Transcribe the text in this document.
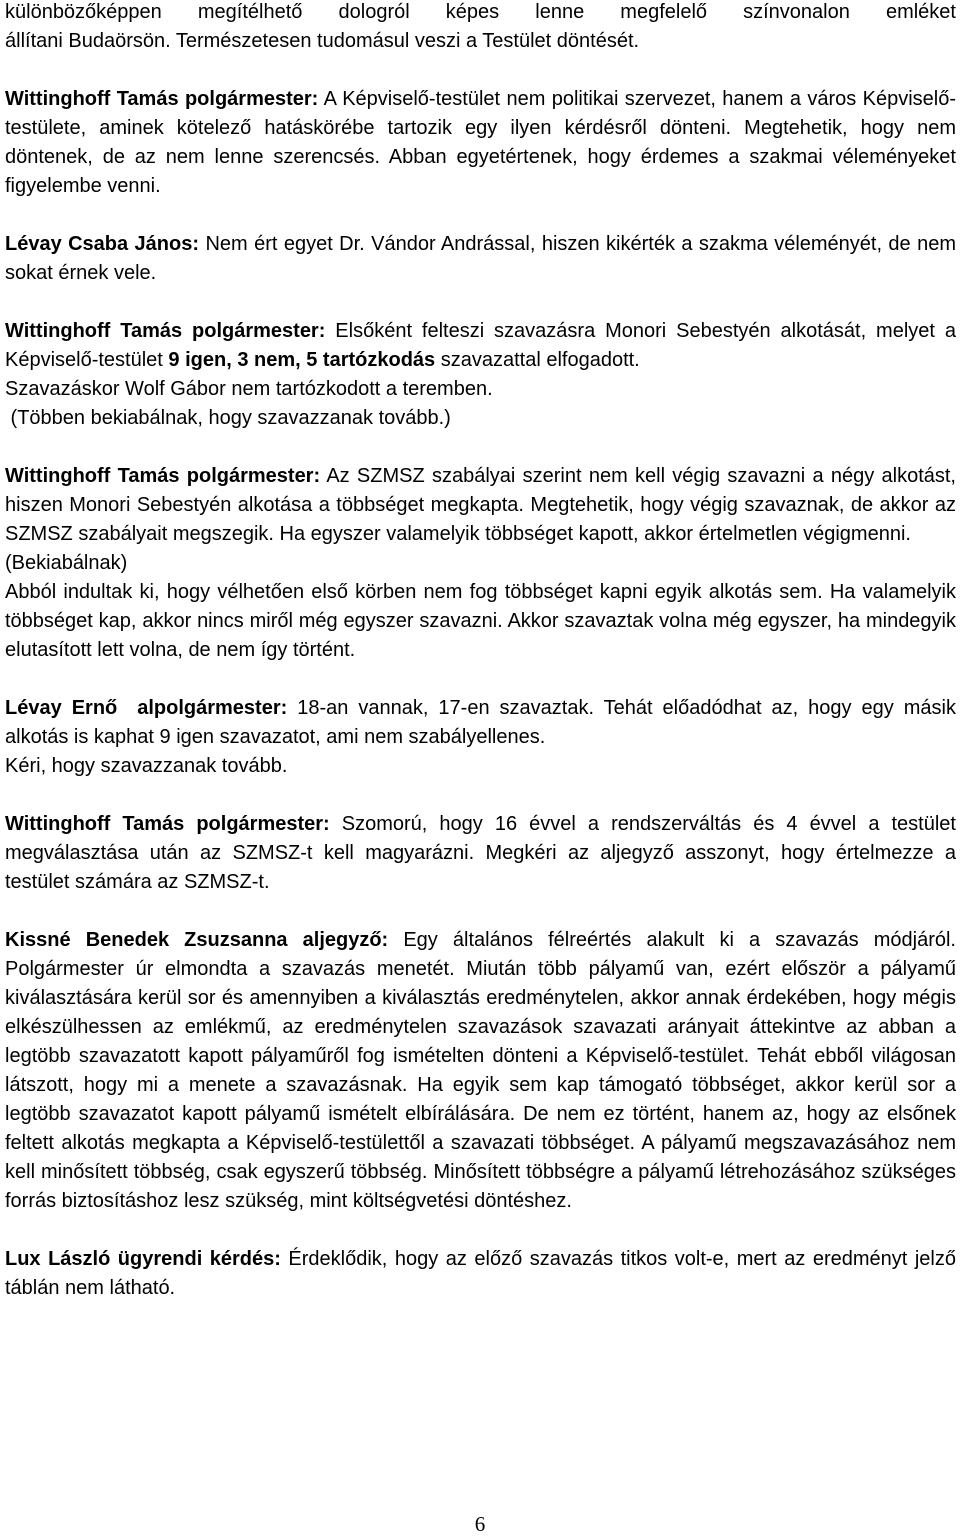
különbözőképpen megítélhető dologról képes lenne megfelelő színvonalon emléket
állítani Budaörsön. Természetesen tudomásul veszi a Testület döntését.

Wittinghoff Tamás polgármester: A Képviselő-testület nem politikai szervezet, hanem a város Képviselő-testülete, aminek kötelező hatáskörébe tartozik egy ilyen kérdésről dönteni. Megtehetik, hogy nem döntenek, de az nem lenne szerencsés. Abban egyetértenek, hogy érdemes a szakmai véleményeket figyelembe venni.

Lévay Csaba János: Nem ért egyet Dr. Vándor Andrással, hiszen kikérték a szakma véleményét, de nem sokat érnek vele.

Wittinghoff Tamás polgármester: Elsőként felteszi szavazásra Monori Sebestyén alkotását, melyet a Képviselő-testület 9 igen, 3 nem, 5 tartózkodás szavazattal elfogadott.
Szavazáskor Wolf Gábor nem tartózkodott a teremben.
(Többen bekiabálnak, hogy szavazzanak tovább.)

Wittinghoff Tamás polgármester: Az SZMSZ szabályai szerint nem kell végig szavazni a négy alkotást, hiszen Monori Sebestyén alkotása a többséget megkapta. Megtehetik, hogy végig szavaznak, de akkor az SZMSZ szabályait megszegik. Ha egyszer valamelyik többséget kapott, akkor értelmetlen végigmenni.
(Bekiabálnak)
Abból indultak ki, hogy vélhetően első körben nem fog többséget kapni egyik alkotás sem. Ha valamelyik többséget kap, akkor nincs miről még egyszer szavazni. Akkor szavaztak volna még egyszer, ha mindegyik elutasított lett volna, de nem így történt.

Lévay Ernő  alpolgármester: 18-an vannak, 17-en szavaztak. Tehát előadódhat az, hogy egy másik alkotás is kaphat 9 igen szavazatot, ami nem szabályellenes.
Kéri, hogy szavazzanak tovább.

Wittinghoff Tamás polgármester: Szomorú, hogy 16 évvel a rendszerváltás és 4 évvel a testület megválasztása után az SZMSZ-t kell magyarázni. Megkéri az aljegyző asszonyt, hogy értelmezze a testület számára az SZMSZ-t.

Kissné Benedek Zsuzsanna aljegyző: Egy általános félreértés alakult ki a szavazás módjáról. Polgármester úr elmondta a szavazás menetét. Miután több pályamű van, ezért először a pályamű kiválasztására kerül sor és amennyiben a kiválasztás eredménytelen, akkor annak érdekében, hogy mégis elkészülhessen az emlékmű, az eredménytelen szavazások szavazati arányait áttekintve az abban a legtöbb szavazatott kapott pályaműről fog ismételten dönteni a Képviselő-testület. Tehát ebből világosan látszott, hogy mi a menete a szavazásnak. Ha egyik sem kap támogató többséget, akkor kerül sor a legtöbb szavazatot kapott pályamű ismételt elbírálására. De nem ez történt, hanem az, hogy az elsőnek feltett alkotás megkapta a Képviselő-testülettől a szavazati többséget. A pályamű megszavazásához nem kell minősített többség, csak egyszerű többség. Minősített többségre a pályamű létrehozásához szükséges forrás biztosításhoz lesz szükség, mint költségvetési döntéshez.

Lux László ügyrendi kérdés: Érdeklődik, hogy az előző szavazás titkos volt-e, mert az eredményt jelző táblán nem látható.

6
